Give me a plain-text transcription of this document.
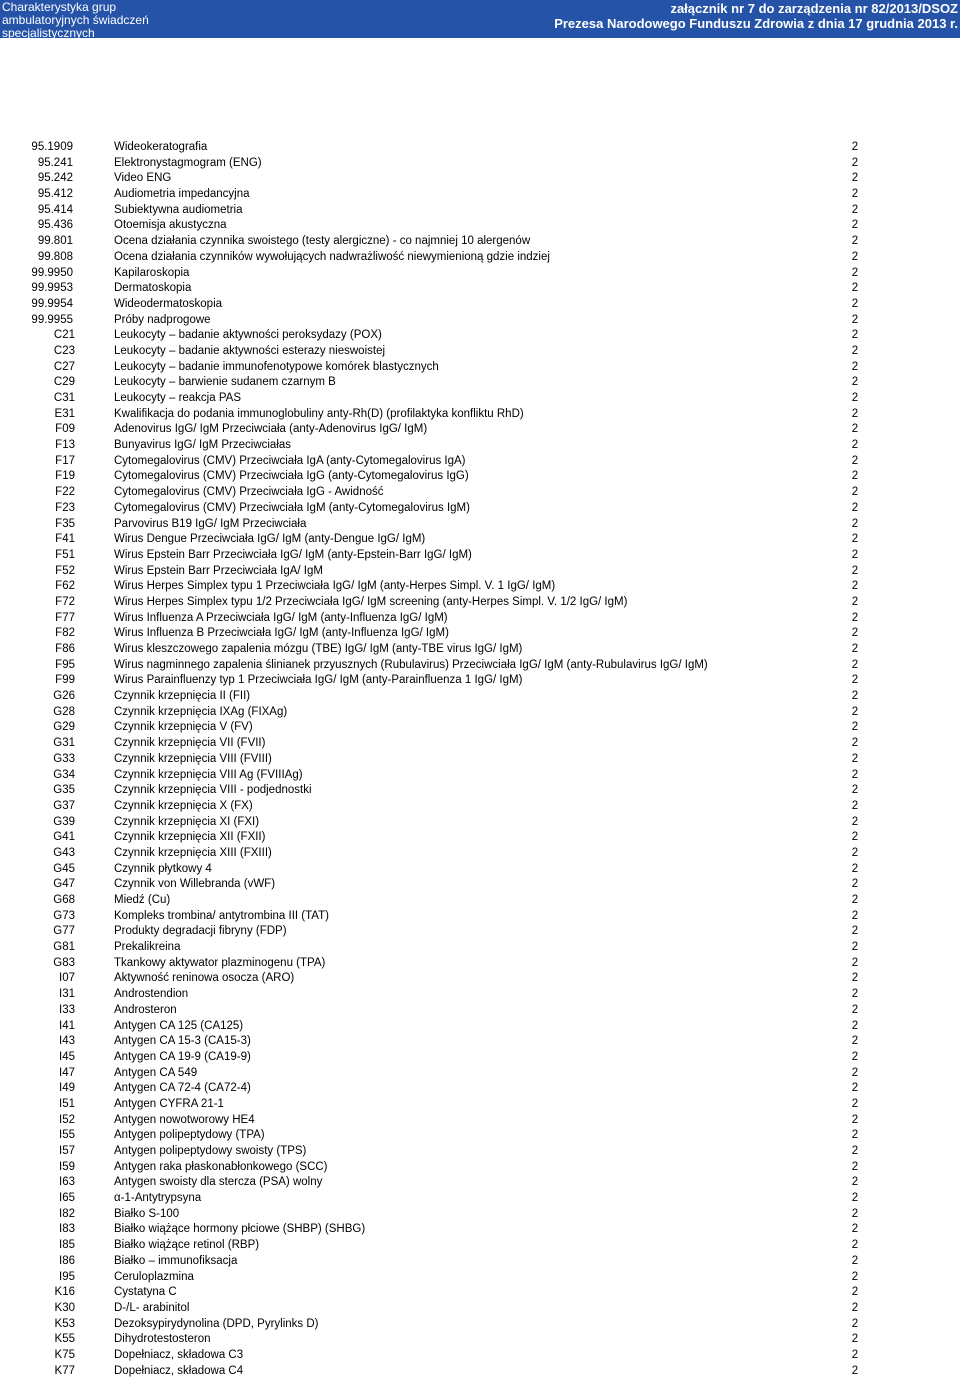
Charakterystyka grup
ambulatoryjnych świadczeń
specjalistycznych
załącznik nr 7 do zarządzenia nr 82/2013/DSOZ
Prezesa Narodowego Funduszu Zdrowia z dnia 17 grudnia 2013 r.
95.1909	Wideokeratografia	2
95.241	Elektronystagmogram (ENG)	2
95.242	Video ENG	2
95.412	Audiometria impedancyjna	2
95.414	Subiektywna audiometria	2
95.436	Otoemisja akustyczna	2
99.801	Ocena działania czynnika swoistego (testy alergiczne) - co najmniej 10 alergenów	2
99.808	Ocena działania czynników wywołujących nadwrażliwość niewymienioną gdzie indziej	2
99.9950	Kapilaroskopia	2
99.9953	Dermatoskopia	2
99.9954	Wideodermatoskopia	2
99.9955	Próby nadprogowe	2
C21	Leukocyty – badanie aktywności peroksydazy (POX)	2
C23	Leukocyty – badanie aktywności esterazy nieswoistej	2
C27	Leukocyty – badanie immunofenotypowe komórek blastycznych	2
C29	Leukocyty – barwienie sudanem czarnym B	2
C31	Leukocyty – reakcja PAS	2
E31	Kwalifikacja do podania immunoglobuliny anty-Rh(D) (profilaktyka konfliktu RhD)	2
F09	Adenovirus IgG/ IgM Przeciwciała (anty-Adenovirus IgG/ IgM)	2
F13	Bunyavirus IgG/ IgM Przeciwciałas	2
F17	Cytomegalovirus (CMV) Przeciwciała IgA (anty-Cytomegalovirus IgA)	2
F19	Cytomegalovirus (CMV) Przeciwciała IgG (anty-Cytomegalovirus IgG)	2
F22	Cytomegalovirus (CMV) Przeciwciała IgG - Awidność	2
F23	Cytomegalovirus (CMV) Przeciwciała IgM (anty-Cytomegalovirus IgM)	2
F35	Parvovirus B19 IgG/ IgM Przeciwciała	2
F41	Wirus Dengue Przeciwciała IgG/ IgM (anty-Dengue IgG/ IgM)	2
F51	Wirus Epstein Barr Przeciwciała IgG/ IgM (anty-Epstein-Barr IgG/ IgM)	2
F52	Wirus Epstein Barr Przeciwciała IgA/ IgM	2
F62	Wirus Herpes Simplex typu 1 Przeciwciała IgG/ IgM (anty-Herpes Simpl. V. 1 IgG/ IgM)	2
F72	Wirus Herpes Simplex typu 1/2 Przeciwciała IgG/ IgM screening (anty-Herpes Simpl. V. 1/2 IgG/ IgM)	2
F77	Wirus Influenza A Przeciwciała IgG/ IgM (anty-Influenza IgG/ IgM)	2
F82	Wirus Influenza B Przeciwciała IgG/ IgM (anty-Influenza IgG/ IgM)	2
F86	Wirus kleszczowego zapalenia mózgu (TBE) IgG/ IgM (anty-TBE virus IgG/ IgM)	2
F95	Wirus nagminnego zapalenia ślinianek przyusznych (Rubulavirus) Przeciwciała IgG/ IgM (anty-Rubulavirus IgG/ IgM)	2
F99	Wirus Parainfluenzy typ 1 Przeciwciała IgG/ IgM (anty-Parainfluenza 1 IgG/ IgM)	2
G26	Czynnik krzepnięcia II (FII)	2
G28	Czynnik krzepnięcia IXAg (FIXAg)	2
G29	Czynnik krzepnięcia V (FV)	2
G31	Czynnik krzepnięcia VII (FVII)	2
G33	Czynnik krzepnięcia VIII (FVIII)	2
G34	Czynnik krzepnięcia VIII Ag (FVIIIAg)	2
G35	Czynnik krzepnięcia VIII - podjednostki	2
G37	Czynnik krzepnięcia X (FX)	2
G39	Czynnik krzepnięcia XI (FXI)	2
G41	Czynnik krzepnięcia XII (FXII)	2
G43	Czynnik krzepnięcia XIII (FXIII)	2
G45	Czynnik płytkowy 4	2
G47	Czynnik von Willebranda (vWF)	2
G68	Miedź (Cu)	2
G73	Kompleks trombina/ antytrombina III (TAT)	2
G77	Produkty degradacji fibryny (FDP)	2
G81	Prekalikreina	2
G83	Tkankowy aktywator plazminogenu (TPA)	2
I07	Aktywność reninowa osocza (ARO)	2
I31	Androstendion	2
I33	Androsteron	2
I41	Antygen CA 125 (CA125)	2
I43	Antygen CA 15-3 (CA15-3)	2
I45	Antygen CA 19-9 (CA19-9)	2
I47	Antygen CA 549	2
I49	Antygen CA 72-4 (CA72-4)	2
I51	Antygen CYFRA 21-1	2
I52	Antygen nowotworowy HE4	2
I55	Antygen polipeptydowy (TPA)	2
I57	Antygen polipeptydowy swoisty (TPS)	2
I59	Antygen raka płaskonabłonkowego (SCC)	2
I63	Antygen swoisty dla stercza (PSA) wolny	2
I65	α-1-Antytrypsyna	2
I82	Białko S-100	2
I83	Białko wiążące hormony płciowe (SHBP) (SHBG)	2
I85	Białko wiążące retinol (RBP)	2
I86	Białko – immunofiksacja	2
I95	Ceruloplazmina	2
K16	Cystatyna C	2
K30	D-/L- arabinitol	2
K53	Dezoksypirydynolina (DPD, Pyrylinks D)	2
K55	Dihydrotestosteron	2
K75	Dopełniacz, składowa C3	2
K77	Dopełniacz, składowa C4	2
